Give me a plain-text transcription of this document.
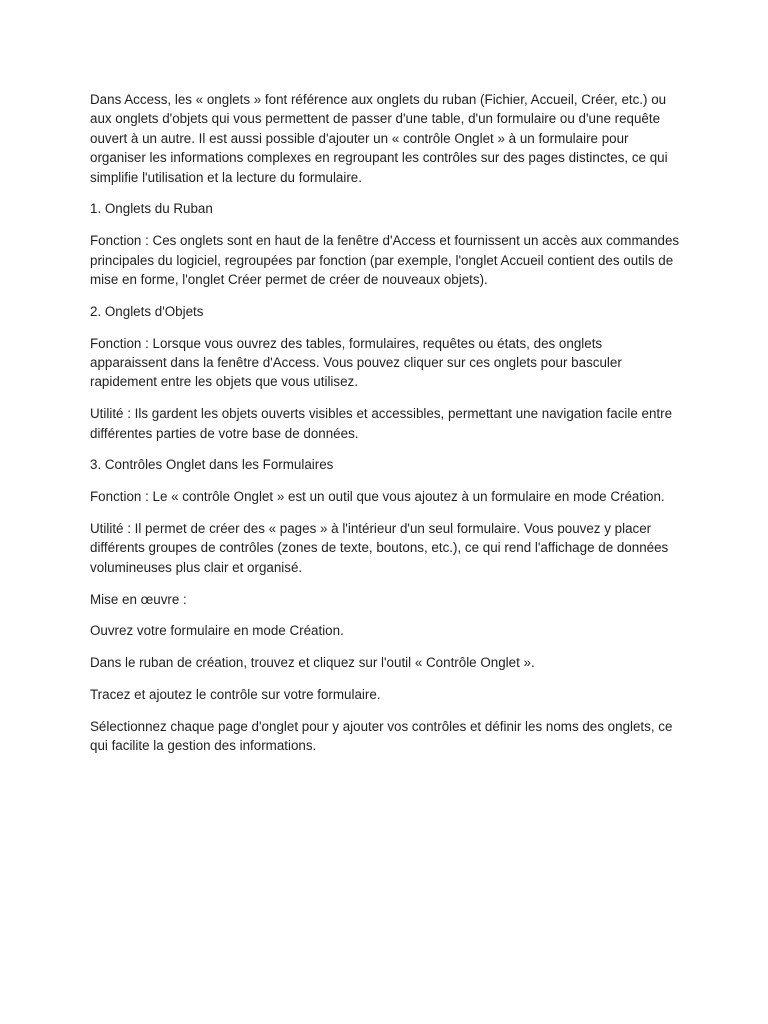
Dans Access, les « onglets » font référence aux onglets du ruban (Fichier, Accueil, Créer, etc.) ou aux onglets d'objets qui vous permettent de passer d'une table, d'un formulaire ou d'une requête ouvert à un autre. Il est aussi possible d'ajouter un « contrôle Onglet » à un formulaire pour organiser les informations complexes en regroupant les contrôles sur des pages distinctes, ce qui simplifie l'utilisation et la lecture du formulaire.

1. Onglets du Ruban

Fonction : Ces onglets sont en haut de la fenêtre d'Access et fournissent un accès aux commandes principales du logiciel, regroupées par fonction (par exemple, l'onglet Accueil contient des outils de mise en forme, l'onglet Créer permet de créer de nouveaux objets).

2. Onglets d'Objets

Fonction : Lorsque vous ouvrez des tables, formulaires, requêtes ou états, des onglets apparaissent dans la fenêtre d'Access. Vous pouvez cliquer sur ces onglets pour basculer rapidement entre les objets que vous utilisez.

Utilité : Ils gardent les objets ouverts visibles et accessibles, permettant une navigation facile entre différentes parties de votre base de données.

3. Contrôles Onglet dans les Formulaires

Fonction : Le « contrôle Onglet » est un outil que vous ajoutez à un formulaire en mode Création.

Utilité : Il permet de créer des « pages » à l'intérieur d'un seul formulaire. Vous pouvez y placer différents groupes de contrôles (zones de texte, boutons, etc.), ce qui rend l'affichage de données volumineuses plus clair et organisé.

Mise en œuvre :

Ouvrez votre formulaire en mode Création.

Dans le ruban de création, trouvez et cliquez sur l'outil « Contrôle Onglet ».

Tracez et ajoutez le contrôle sur votre formulaire.

Sélectionnez chaque page d'onglet pour y ajouter vos contrôles et définir les noms des onglets, ce qui facilite la gestion des informations.
